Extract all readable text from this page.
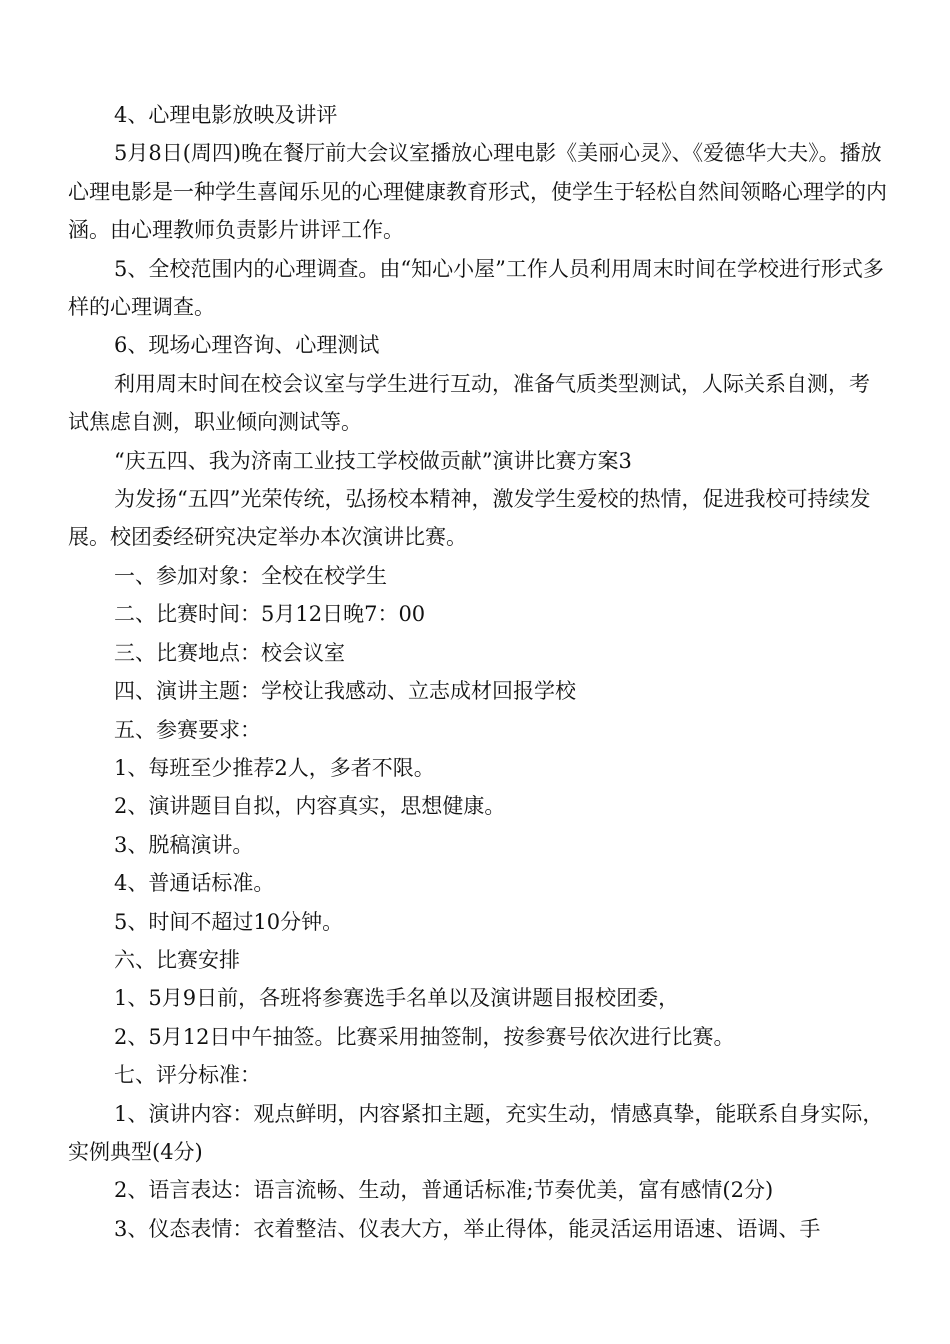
4、心理电影放映及讲评

5月8日(周四)晚在餐厅前大会议室播放心理电影《美丽心灵》、《爱德华大夫》。播放心理电影是一种学生喜闻乐见的心理健康教育形式，使学生于轻松自然间领略心理学的内涵。由心理教师负责影片讲评工作。

5、全校范围内的心理调查。由“知心小屋”工作人员利用周末时间在学校进行形式多样的心理调查。

6、现场心理咨询、心理测试

利用周末时间在校会议室与学生进行互动，准备气质类型测试，人际关系自测，考试焦虑自测，职业倾向测试等。

“庆五四、我为济南工业技工学校做贡献”演讲比赛方案3

为发扬“五四”光荣传统，弘扬校本精神，激发学生爱校的热情，促进我校可持续发展。校团委经研究决定举办本次演讲比赛。

一、参加对象：全校在校学生

二、比赛时间：5月12日晚7：00

三、比赛地点：校会议室

四、演讲主题：学校让我感动、立志成材回报学校

五、参赛要求：

1、每班至少推荐2人，多者不限。

2、演讲题目自拟，内容真实，思想健康。

3、脱稿演讲。

4、普通话标准。

5、时间不超过10分钟。

六、比赛安排

1、5月9日前，各班将参赛选手名单以及演讲题目报校团委，

2、5月12日中午抽签。比赛采用抽签制，按参赛号依次进行比赛。

七、评分标准：

1、演讲内容：观点鲜明，内容紧扣主题，充实生动，情感真挚，能联系自身实际，实例典型(4分)

2、语言表达：语言流畅、生动，普通话标准;节奏优美，富有感情(2分)

3、仪态表情：衣着整洁、仪表大方，举止得体，能灵活运用语速、语调、手
